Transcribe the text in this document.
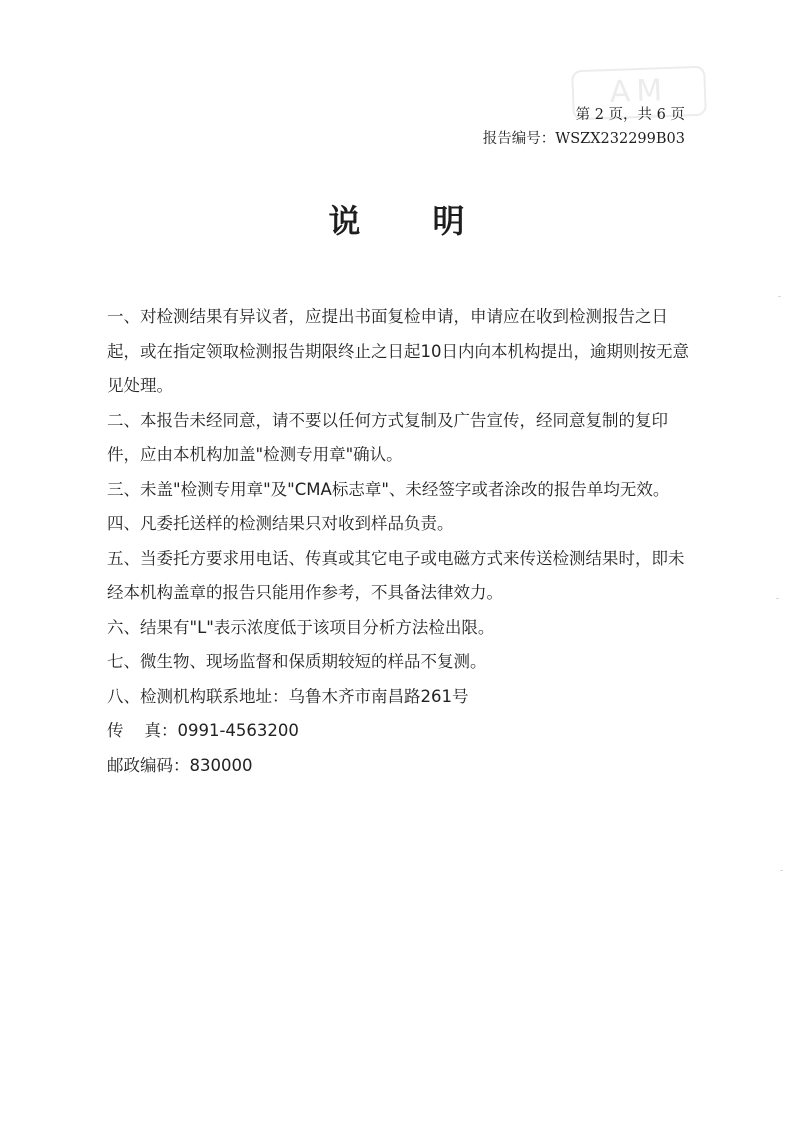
AM
第 2 页，共 6 页
报告编号：WSZX232299B03
说 明

一、对检测结果有异议者，应提出书面复检申请，申请应在收到检测报告之日起，或在指定领取检测报告期限终止之日起10日内向本机构提出，逾期则按无意见处理。

二、本报告未经同意，请不要以任何方式复制及广告宣传，经同意复制的复印件，应由本机构加盖"检测专用章"确认。

三、未盖"检测专用章"及"CMA标志章"、未经签字或者涂改的报告单均无效。

四、凡委托送样的检测结果只对收到样品负责。

五、当委托方要求用电话、传真或其它电子或电磁方式来传送检测结果时，即未经本机构盖章的报告只能用作参考，不具备法律效力。

六、结果有"L"表示浓度低于该项目分析方法检出限。

七、微生物、现场监督和保质期较短的样品不复测。

八、检测机构联系地址：乌鲁木齐市南昌路261号

传    真：0991-4563200

邮政编码：830000
